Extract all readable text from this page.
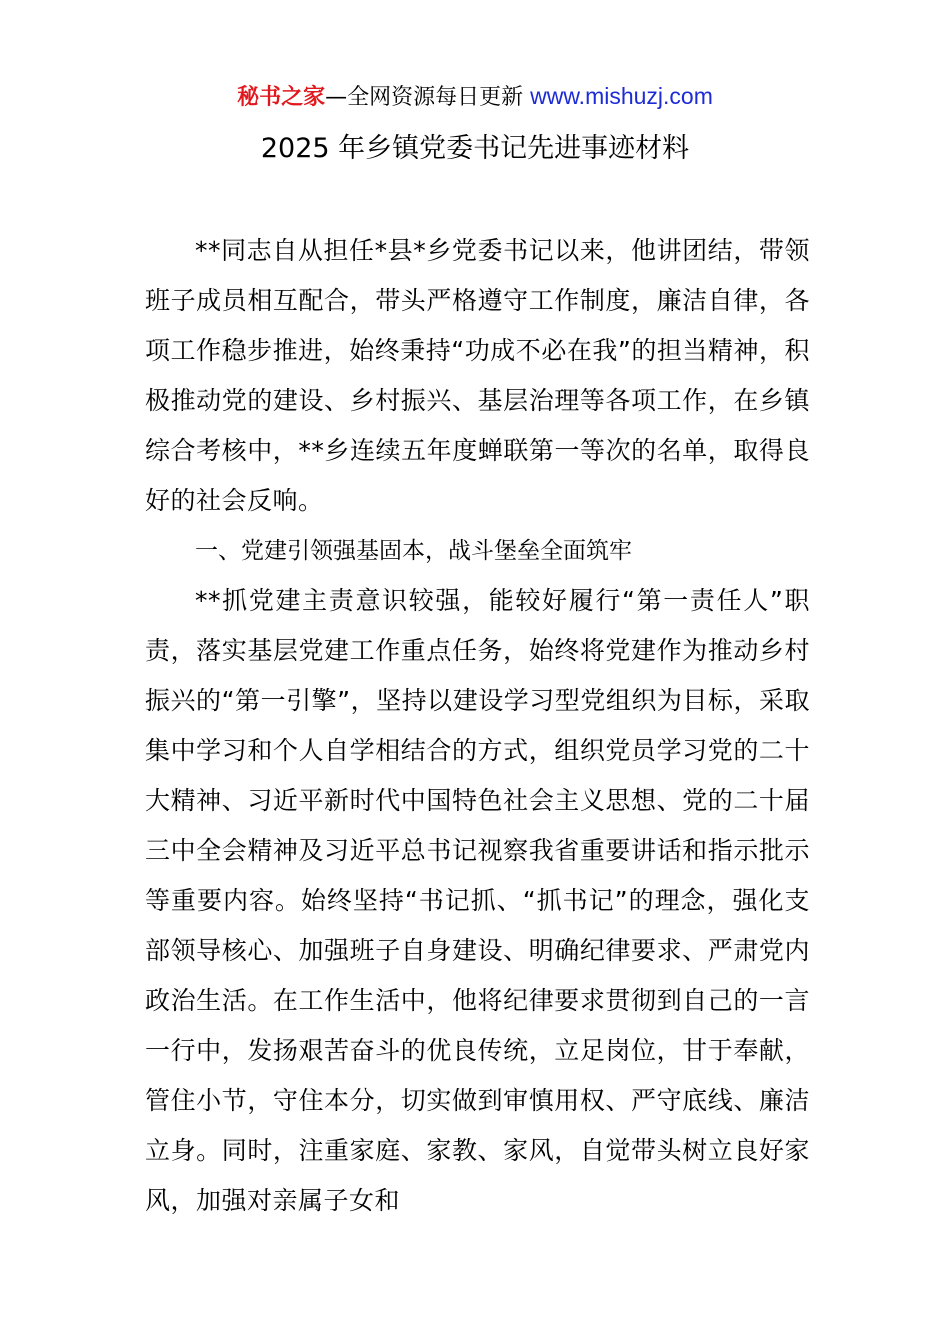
秘书之家—全网资源每日更新 www.mishuzj.com
2025 年乡镇党委书记先进事迹材料

**同志自从担任*县*乡党委书记以来，他讲团结，带领班子成员相互配合，带头严格遵守工作制度，廉洁自律，各项工作稳步推进，始终秉持“功成不必在我”的担当精神，积极推动党的建设、乡村振兴、基层治理等各项工作，在乡镇综合考核中，**乡连续五年度蝉联第一等次的名单，取得良好的社会反响。

一、党建引领强基固本，战斗堡垒全面筑牢

**抓党建主责意识较强，能较好履行“第一责任人”职责，落实基层党建工作重点任务，始终将党建作为推动乡村振兴的“第一引擎”，坚持以建设学习型党组织为目标，采取集中学习和个人自学相结合的方式，组织党员学习党的二十大精神、习近平新时代中国特色社会主义思想、党的二十届三中全会精神及习近平总书记视察我省重要讲话和指示批示等重要内容。始终坚持“书记抓、“抓书记”的理念，强化支部领导核心、加强班子自身建设、明确纪律要求、严肃党内政治生活。在工作生活中，他将纪律要求贯彻到自己的一言一行中，发扬艰苦奋斗的优良传统，立足岗位，甘于奉献，管住小节，守住本分，切实做到审慎用权、严守底线、廉洁立身。同时，注重家庭、家教、家风，自觉带头树立良好家风，加强对亲属子女和
